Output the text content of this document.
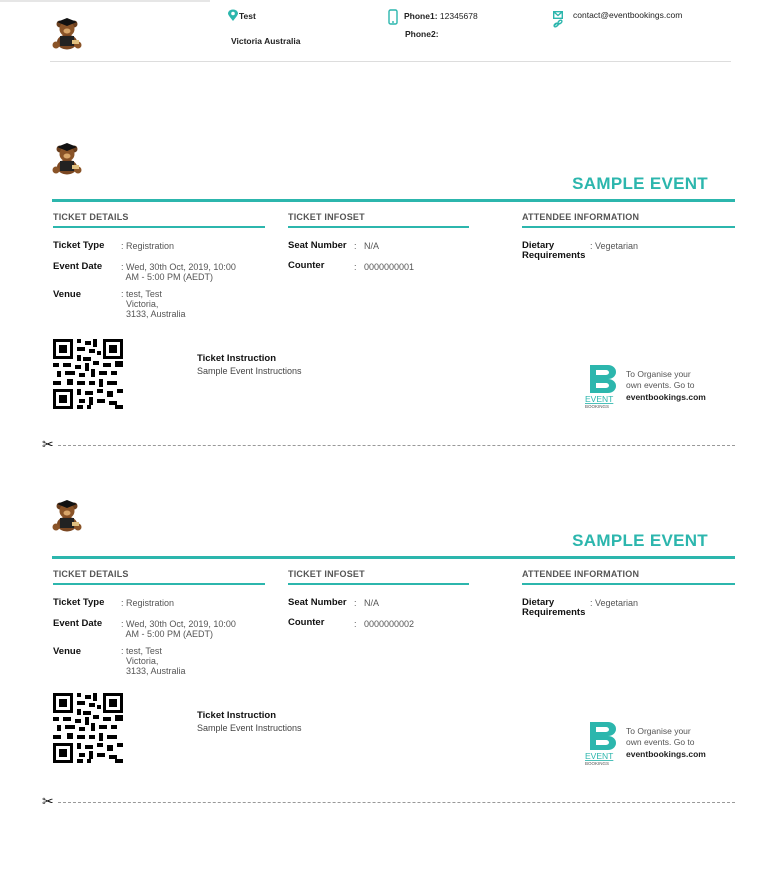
Test
Victoria Australia
Phone1: 12345678
Phone2:
contact@eventbookings.com
SAMPLE EVENT
TICKET DETAILS	TICKET INFOSET	ATTENDEE INFORMATION
Ticket Type : Registration
Event Date : Wed, 30th Oct, 2019, 10:00
AM - 5:00 PM (AEDT)
Venue	: test, Test
Victoria,
3133, Australia
Seat Number :   N/A
Counter	:   0000000001
Dietary
Requirements
: Vegetarian
Ticket Instruction
Sample Event Instructions
EVENT
BOOKINGS
To Organise your
own events. Go to
eventbookings.com
✂
SAMPLE EVENT
TICKET DETAILS	TICKET INFOSET	ATTENDEE INFORMATION
Ticket Type : Registration
Event Date : Wed, 30th Oct, 2019, 10:00
AM - 5:00 PM (AEDT)
Venue	: test, Test
Victoria,
3133, Australia
Seat Number :   N/A
Counter	:   0000000002
Dietary
Requirements
: Vegetarian
Ticket Instruction
Sample Event Instructions
EVENT
BOOKINGS
To Organise your
own events. Go to
eventbookings.com
✂
